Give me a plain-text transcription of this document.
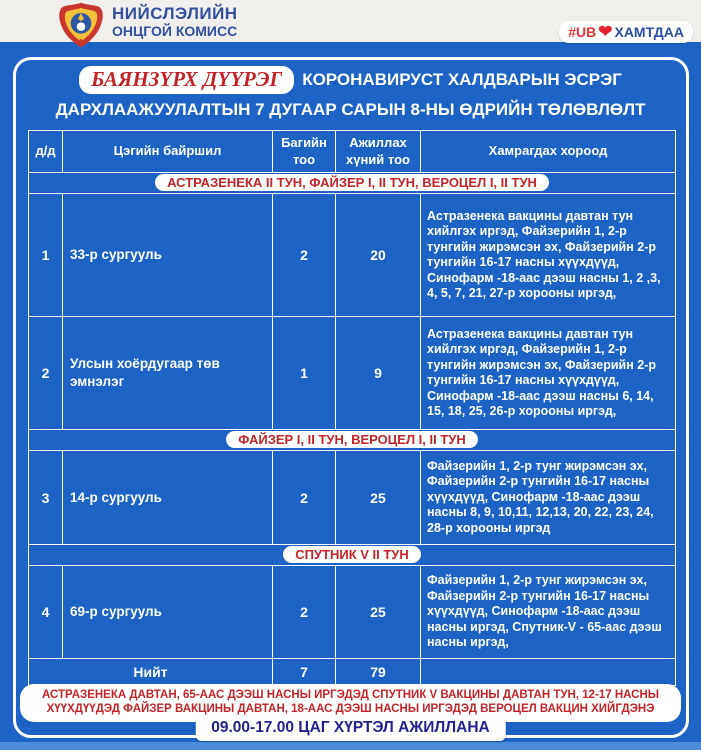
НИЙСЛЭЛИЙН
ОНЦГОЙ КОМИСС	#UB ❤ ХАМТДАА
БАЯНЗҮРХ ДҮҮРЭГ	КОРОНАВИРУСТ ХАЛДВАРЫН ЭСРЭГ
ДАРХЛААЖУУЛАЛТЫН 7 ДУГААР САРЫН 8-НЫ ӨДРИЙН ТӨЛӨВЛӨЛТ
д/д	Цэгийн байршил	Багийн тоо	Ажиллах хүний тоо	Хамрагдах хороод
АСТРАЗЕНЕКА II ТУН, ФАЙЗЕР I, II ТУН, ВЕРОЦЕЛ I, II ТУН				
1	33-р сургууль	2	20	Астразенека вакцины давтан тун хийлгэх иргэд, Файзерийн 1, 2-р тунгийн жирэмсэн эх, Файзерийн 2-р тунгийн 16-17 насны хүүхдүүд, Синофарм -18-аас дээш насны 1, 2 ,3, 4, 5, 7, 21, 27-р хорооны иргэд,
2	Улсын хоёрдугаар төв эмнэлэг	1	9	Астразенека вакцины давтан тун хийлгэх иргэд, Файзерийн 1, 2-р тунгийн жирэмсэн эх, Файзерийн 2-р тунгийн 16-17 насны хүүхдүүд, Синофарм -18-аас дээш насны 6, 14, 15, 18, 25, 26-р хорооны иргэд,
ФАЙЗЕР I, II ТУН, ВЕРОЦЕЛ I, II ТУН				
3	14-р сургууль	2	25	Файзерийн 1, 2-р тунг жирэмсэн эх, Файзерийн 2-р тунгийн 16-17 насны хүүхдүүд, Синофарм -18-аас дээш насны 8, 9, 10,11, 12,13, 20, 22, 23, 24, 28-р хорооны иргэд
СПУТНИК V II ТУН				
4	69-р сургууль	2	25	Файзерийн 1, 2-р тунг жирэмсэн эх, Файзерийн 2-р тунгийн 16-17 насны хүүхдүүд, Синофарм -18-аас дээш насны иргэд, Спутник-V - 65-аас дээш насны иргэд,
Нийт		7	79	
АСТРАЗЕНЕКА ДАВТАН, 65-ААС ДЭЭШ НАСНЫ ИРГЭДЭД СПУТНИК V ВАКЦИНЫ ДАВТАН ТУН, 12-17 НАСНЫ ХҮҮХДҮҮДЭД ФАЙЗЕР ВАКЦИНЫ ДАВТАН, 18-ААС ДЭЭШ НАСНЫ ИРГЭДЭД ВЕРОЦЕЛ ВАКЦИН ХИЙГДЭНЭ
09.00-17.00 ЦАГ ХҮРТЭЛ АЖИЛЛАНА
